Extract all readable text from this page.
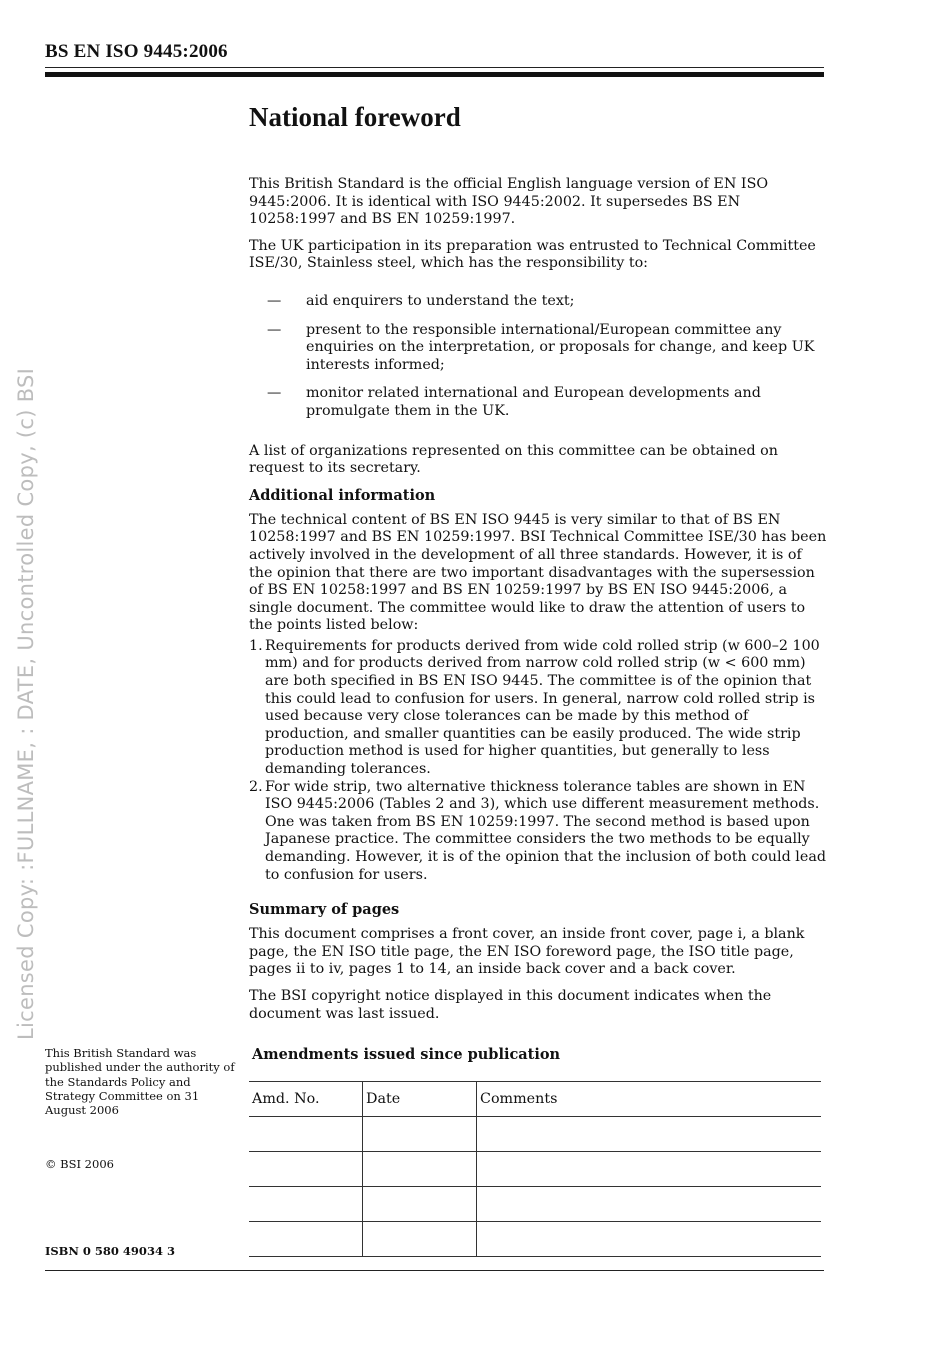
BS EN ISO 9445:2006
Licensed Copy: :FULLNAME, : DATE, Uncontrolled Copy, (c) BSI
National foreword

This British Standard is the official English language version of EN ISO 9445:2006. It is identical with ISO 9445:2002. It supersedes BS EN 10258:1997 and BS EN 10259:1997.

The UK participation in its preparation was entrusted to Technical Committee ISE/30, Stainless steel, which has the responsibility to:

— aid enquirers to understand the text;
— present to the responsible international/European committee any enquiries on the interpretation, or proposals for change, and keep UK interests informed;
— monitor related international and European developments and promulgate them in the UK.

A list of organizations represented on this committee can be obtained on request to its secretary.

Additional information

The technical content of BS EN ISO 9445 is very similar to that of BS EN 10258:1997 and BS EN 10259:1997. BSI Technical Committee ISE/30 has been actively involved in the development of all three standards. However, it is of the opinion that there are two important disadvantages with the supersession of BS EN 10258:1997 and BS EN 10259:1997 by BS EN ISO 9445:2006, a single document. The committee would like to draw the attention of users to the points listed below:

1. Requirements for products derived from wide cold rolled strip (w 600–2 100 mm) and for products derived from narrow cold rolled strip (w < 600 mm) are both specified in BS EN ISO 9445. The committee is of the opinion that this could lead to confusion for users. In general, narrow cold rolled strip is used because very close tolerances can be made by this method of production, and smaller quantities can be easily produced. The wide strip production method is used for higher quantities, but generally to less demanding tolerances.
2. For wide strip, two alternative thickness tolerance tables are shown in EN ISO 9445:2006 (Tables 2 and 3), which use different measurement methods. One was taken from BS EN 10259:1997. The second method is based upon Japanese practice. The committee considers the two methods to be equally demanding. However, it is of the opinion that the inclusion of both could lead to confusion for users.
Summary of pages

This document comprises a front cover, an inside front cover, page i, a blank page, the EN ISO title page, the EN ISO foreword page, the ISO title page, pages ii to iv, pages 1 to 14, an inside back cover and a back cover.

The BSI copyright notice displayed in this document indicates when the document was last issued.

This British Standard was published under the authority of the Standards Policy and Strategy Committee on 31 August 2006
© BSI 2006
ISBN 0 580 49034 3
Amendments issued since publication
Amd. No.	Date	Comments
